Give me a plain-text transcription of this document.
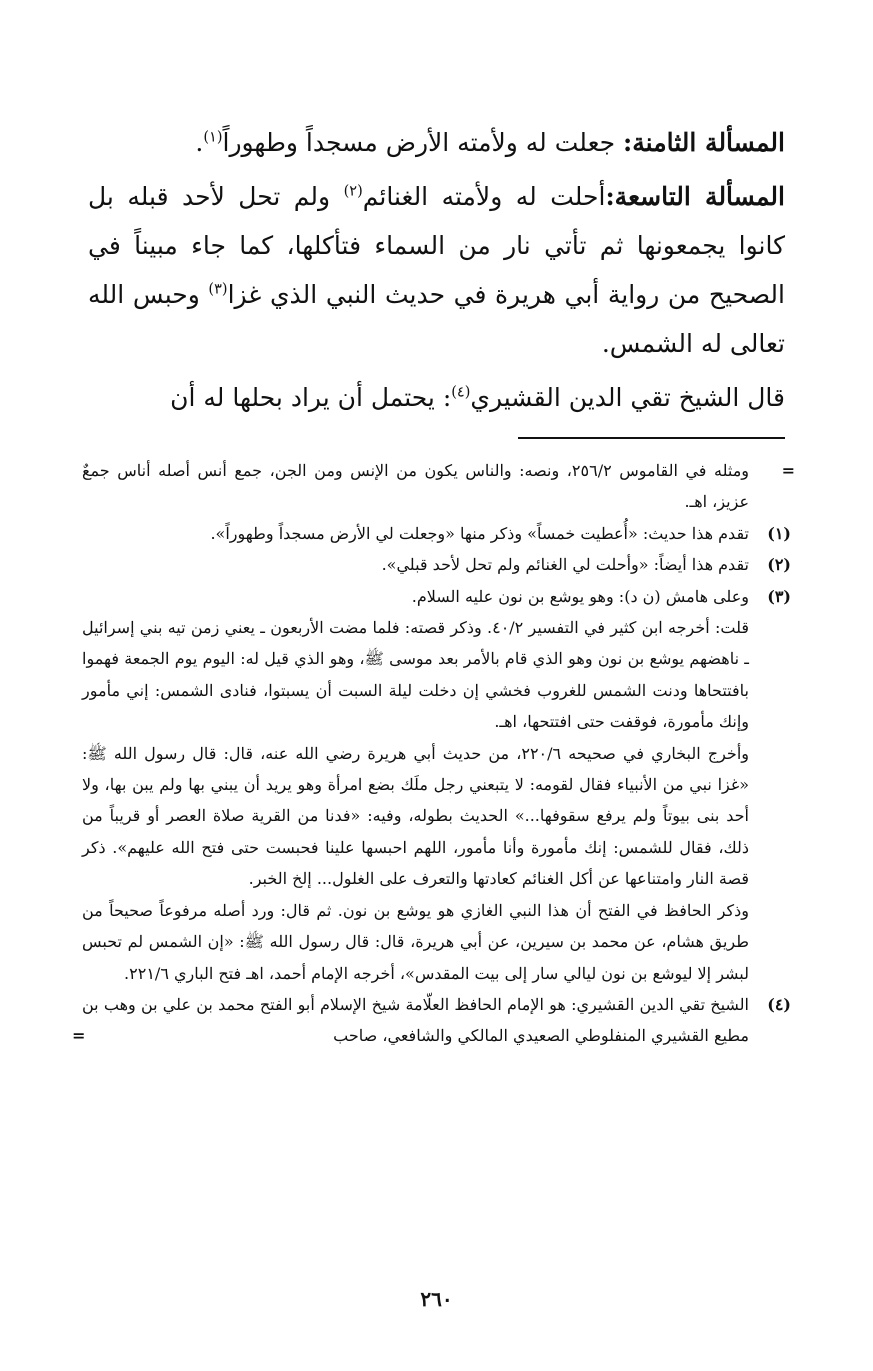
المسألة الثامنة: جعلت له ولأمته الأرض مسجداً وطهوراً$^{(١)}$.

المسألة التاسعة:أحلت له ولأمته الغنائم$^{(٢)}$ ولم تحل لأحد قبله بل كانوا يجمعونها ثم تأتي نار من السماء فتأكلها، كما جاء مبيناً في الصحيح من رواية أبي هريرة في حديث النبي الذي غزا$^{(٣)}$ وحبس الله تعالى له الشمس.

قال الشيخ تقي الدين القشيري$^{(٤)}$: يحتمل أن يراد بحلها له أن

=
ومثله في القاموس ٢٥٦/٢، ونصه: والناس يكون من الإنس ومن الجن، جمع أنس أصله أناس جمعٌ عزيز، اهـ.
(١)
تقدم هذا حديث: «أُعطيت خمساً» وذكر منها «وجعلت لي الأرض مسجداً وطهوراً».
(٢)
تقدم هذا أيضاً: «وأحلت لي الغنائم ولم تحل لأحد قبلي».
(٣)
وعلى هامش (ن د): وهو يوشع بن نون عليه السلام.
قلت: أخرجه ابن كثير في التفسير ٤٠/٢. وذكر قصته: فلما مضت الأربعون ـ يعني زمن تيه بني إسرائيل ـ ناهضهم يوشع بن نون وهو الذي قام بالأمر بعد موسى ﷺ، وهو الذي قيل له: اليوم يوم الجمعة فهموا بافتتحاها ودنت الشمس للغروب فخشي إن دخلت ليلة السبت أن يسبتوا، فنادى الشمس: إني مأمور وإنك مأمورة، فوقفت حتى افتتحها، اهـ.
وأخرج البخاري في صحيحه ٢٢٠/٦، من حديث أبي هريرة رضي الله عنه، قال: قال رسول الله ﷺ: «غزا نبي من الأنبياء فقال لقومه: لا يتبعني رجل ملَك بضع امرأة وهو يريد أن يبني بها ولم يبن بها، ولا أحد بنى بيوتاً ولم يرفع سقوفها...» الحديث بطوله، وفيه: «فدنا من القرية صلاة العصر أو قريباً من ذلك، فقال للشمس: إنك مأمورة وأنا مأمور، اللهم احبسها علينا فحبست حتى فتح الله عليهم». ذكر قصة النار وامتناعها عن أكل الغنائم كعادتها والتعرف على الغلول... إلخ الخبر.
وذكر الحافظ في الفتح أن هذا النبي الغازي هو يوشع بن نون. ثم قال: ورد أصله مرفوعاً صحيحاً من طريق هشام، عن محمد بن سيرين، عن أبي هريرة، قال: قال رسول الله ﷺ: «إن الشمس لم تحبس لبشر إلا ليوشع بن نون ليالي سار إلى بيت المقدس»، أخرجه الإمام أحمد، اهـ فتح الباري ٢٢١/٦.
(٤)
الشيخ تقي الدين القشيري: هو الإمام الحافظ العلّامة شيخ الإسلام أبو الفتح محمد بن علي بن وهب بن مطيع القشيري المنفلوطي الصعيدي المالكي والشافعي، صاحب
=
٢٦٠
